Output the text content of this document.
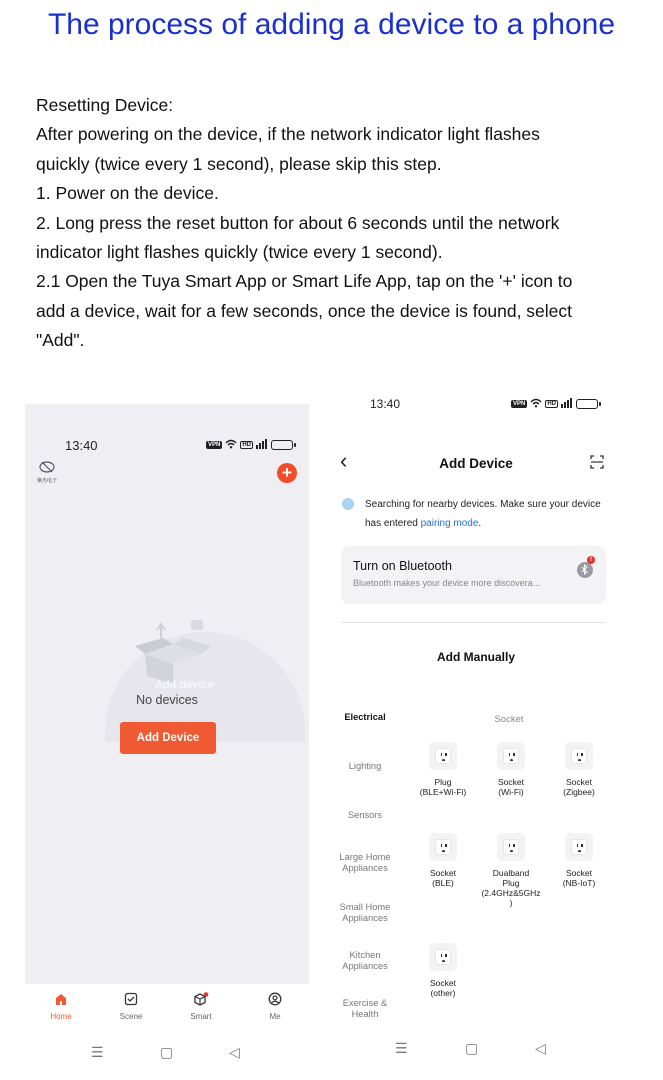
The process of adding a device to a phone
Resetting Device:
After powering on the device, if the network indicator light flashes
quickly (twice every 1 second), please skip this step.
1. Power on the device.
2. Long press the reset button for about 6 seconds until the network
indicator light flashes quickly (twice every 1 second).
2.1 Open the Tuya Smart App or Smart Life App, tap on the '+' icon to
add a device, wait for a few seconds, once the device is found, select
"Add".
13:40	VPN	HD
聚杰电子	+
Add device
No devices
Add Device
Home	Scene	Smart	Me
☰	▢	◁
13:40	VPN	HD
‹	Add Device
Searching for nearby devices. Make sure your device has entered pairing mode.
Turn on Bluetooth
Bluetooth makes your device more discovera...
!
Add Manually
Electrical
Lighting
Sensors
Large Home
Appliances
Small Home
Appliances
Kitchen
Appliances
Exercise &
Health
Socket
Plug
(BLE+Wi-Fi)
Socket
(Wi-Fi)
Socket
(Zigbee)
Socket
(BLE)
Dualband
Plug
(2.4GHz&5GHz
)
Socket
(NB-IoT)
Socket
(other)
☰	▢	◁
